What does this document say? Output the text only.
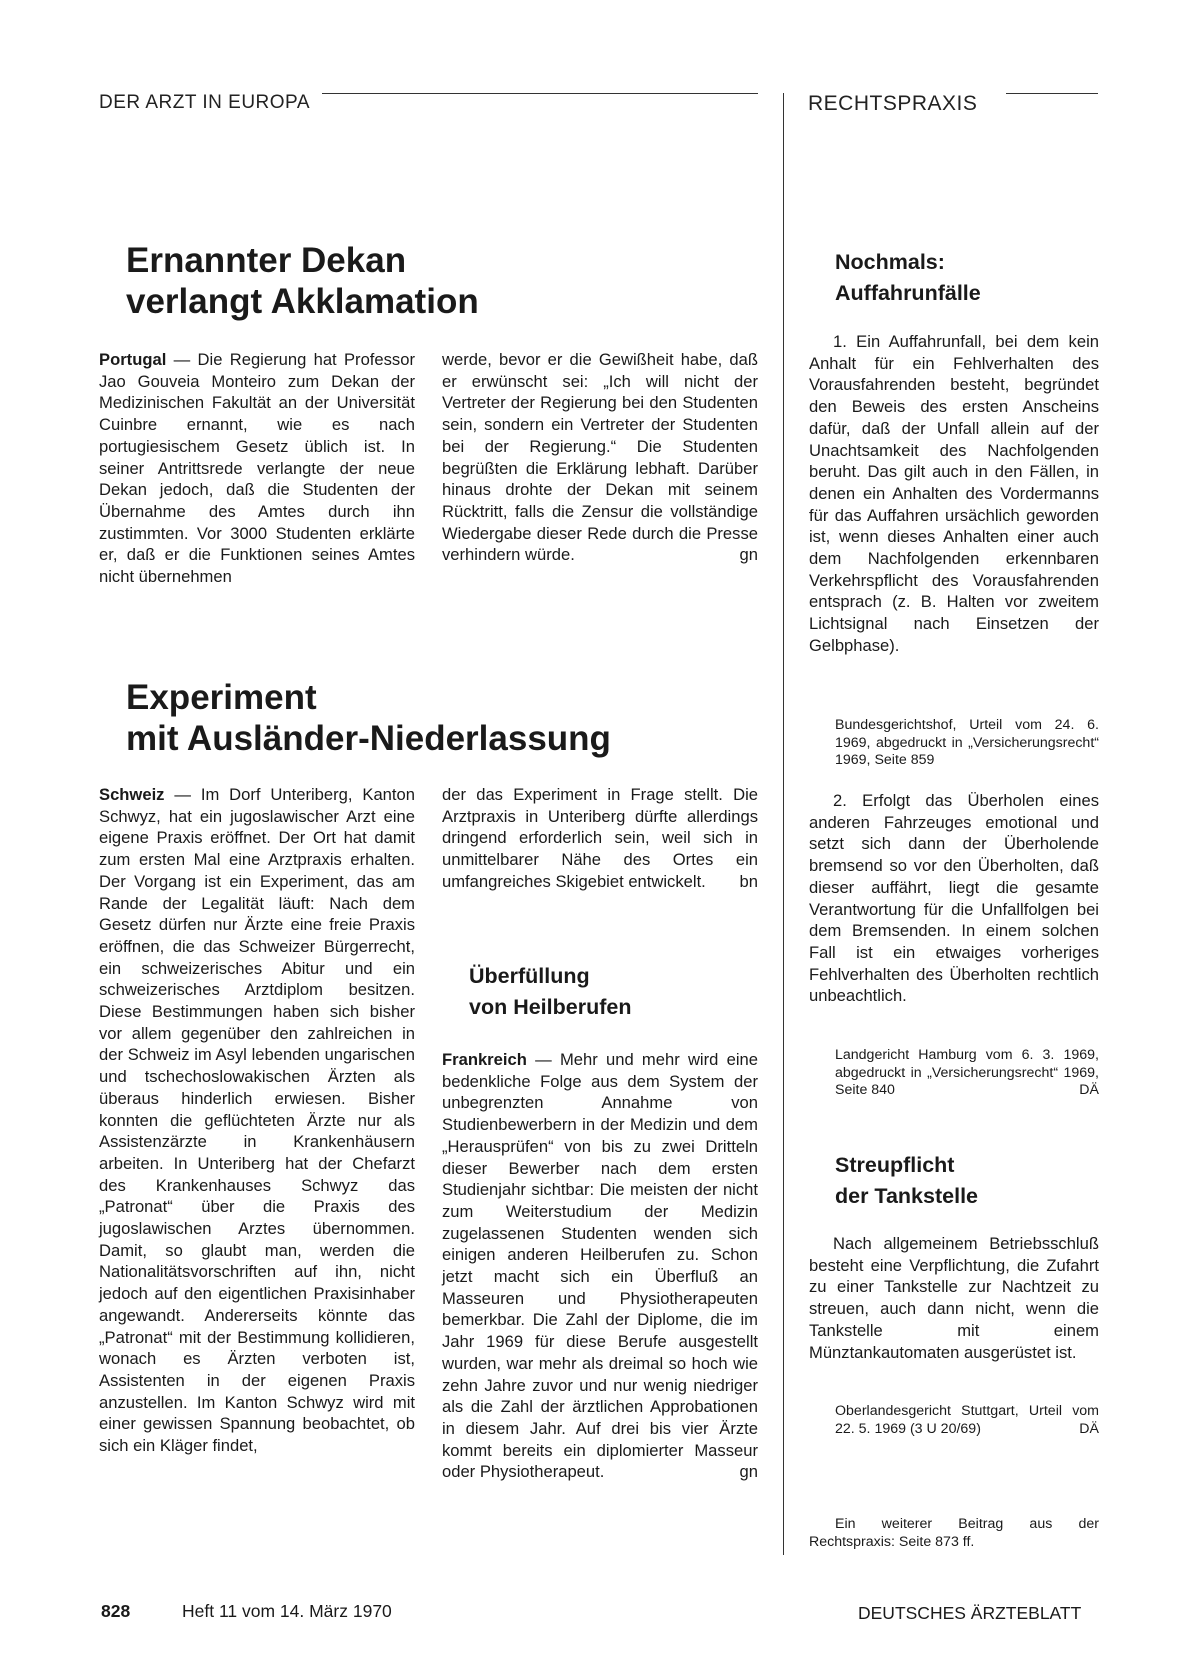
DER ARZT IN EUROPA	RECHTSPRAXIS

Ernannter Dekan

verlangt Akklamation

Portugal — Die Regierung hat Professor Jao Gouveia Monteiro zum Dekan der Medizinischen Fakultät an der Universität Cuinbre ernannt, wie es nach portugiesischem Gesetz üblich ist. In seiner Antrittsrede verlangte der neue Dekan jedoch, daß die Studenten der Übernahme des Amtes durch ihn zustimmten. Vor 3000 Studenten erklärte er, daß er die Funktionen seines Amtes nicht übernehmen

werde, bevor er die Gewißheit habe, daß er erwünscht sei: „Ich will nicht der Vertreter der Regierung bei den Studenten sein, sondern ein Vertreter der Studenten bei der Regierung.“ Die Studenten begrüßten die Erklärung lebhaft. Darüber hinaus drohte der Dekan mit seinem Rücktritt, falls die Zensur die vollständige Wiedergabe dieser Rede durch die Presse verhindern würde.	gn

Experiment

mit Ausländer-Niederlassung

Schweiz — Im Dorf Unteriberg, Kanton Schwyz, hat ein jugoslawischer Arzt eine eigene Praxis eröffnet. Der Ort hat damit zum ersten Mal eine Arztpraxis erhalten. Der Vorgang ist ein Experiment, das am Rande der Legalität läuft: Nach dem Gesetz dürfen nur Ärzte eine freie Praxis eröffnen, die das Schweizer Bürgerrecht, ein schweizerisches Abitur und ein schweizerisches Arztdiplom besitzen. Diese Bestimmungen haben sich bisher vor allem gegenüber den zahlreichen in der Schweiz im Asyl lebenden ungarischen und tschechoslowakischen Ärzten als überaus hinderlich erwiesen. Bisher konnten die geflüchteten Ärzte nur als Assistenzärzte in Krankenhäusern arbeiten. In Unteriberg hat der Chefarzt des Krankenhauses Schwyz das „Patronat“ über die Praxis des jugoslawischen Arztes übernommen. Damit, so glaubt man, werden die Nationalitätsvorschriften auf ihn, nicht jedoch auf den eigentlichen Praxisinhaber angewandt. Andererseits könnte das „Patronat“ mit der Bestimmung kollidieren, wonach es Ärzten verboten ist, Assistenten in der eigenen Praxis anzustellen. Im Kanton Schwyz wird mit einer gewissen Spannung beobachtet, ob sich ein Kläger findet,

der das Experiment in Frage stellt. Die Arztpraxis in Unteriberg dürfte allerdings dringend erforderlich sein, weil sich in unmittelbarer Nähe des Ortes ein umfangreiches Skigebiet entwickelt. bn

Überfüllung

von Heilberufen

Frankreich — Mehr und mehr wird eine bedenkliche Folge aus dem System der unbegrenzten Annahme von Studienbewerbern in der Medizin und dem „Herausprüfen“ von bis zu zwei Dritteln dieser Bewerber nach dem ersten Studienjahr sichtbar: Die meisten der nicht zum Weiterstudium der Medizin zugelassenen Studenten wenden sich einigen anderen Heilberufen zu. Schon jetzt macht sich ein Überfluß an Masseuren und Physiotherapeuten bemerkbar. Die Zahl der Diplome, die im Jahr 1969 für diese Berufe ausgestellt wurden, war mehr als dreimal so hoch wie zehn Jahre zuvor und nur wenig niedriger als die Zahl der ärztlichen Approbationen in diesem Jahr. Auf drei bis vier Ärzte kommt bereits ein diplomierter Masseur oder Physiotherapeut.	gn

Nochmals:

Auffahrunfälle

1. Ein Auffahrunfall, bei dem kein Anhalt für ein Fehlverhalten des Vorausfahrenden besteht, begründet den Beweis des ersten Anscheins dafür, daß der Unfall allein auf der Unachtsamkeit des Nachfolgenden beruht. Das gilt auch in den Fällen, in denen ein Anhalten des Vordermanns für das Auffahren ursächlich geworden ist, wenn dieses Anhalten einer auch dem Nachfolgenden erkennbaren Verkehrspflicht des Vorausfahrenden entsprach (z. B. Halten vor zweitem Lichtsignal nach Einsetzen der Gelbphase).

Bundesgerichtshof, Urteil vom 24. 6. 1969, abgedruckt in „Versicherungsrecht“ 1969, Seite 859

2. Erfolgt das Überholen eines anderen Fahrzeuges emotional und setzt sich dann der Überholende bremsend so vor den Überholten, daß dieser auffährt, liegt die gesamte Verantwortung für die Unfallfolgen bei dem Bremsenden. In einem solchen Fall ist ein etwaiges vorheriges Fehlverhalten des Überholten rechtlich unbeachtlich.

Landgericht Hamburg vom 6. 3. 1969, abgedruckt in „Versicherungsrecht“ 1969, Seite 840	DÄ

Streupflicht

der Tankstelle

Nach allgemeinem Betriebsschluß besteht eine Verpflichtung, die Zufahrt zu einer Tankstelle zur Nachtzeit zu streuen, auch dann nicht, wenn die Tankstelle mit einem Münztankautomaten ausgerüstet ist.

Oberlandesgericht Stuttgart, Urteil vom 22. 5. 1969 (3 U 20/69)	DÄ

Ein weiterer Beitrag aus der Rechtspraxis: Seite 873 ff.

828	Heft 11 vom 14. März 1970	DEUTSCHES ÄRZTEBLATT
